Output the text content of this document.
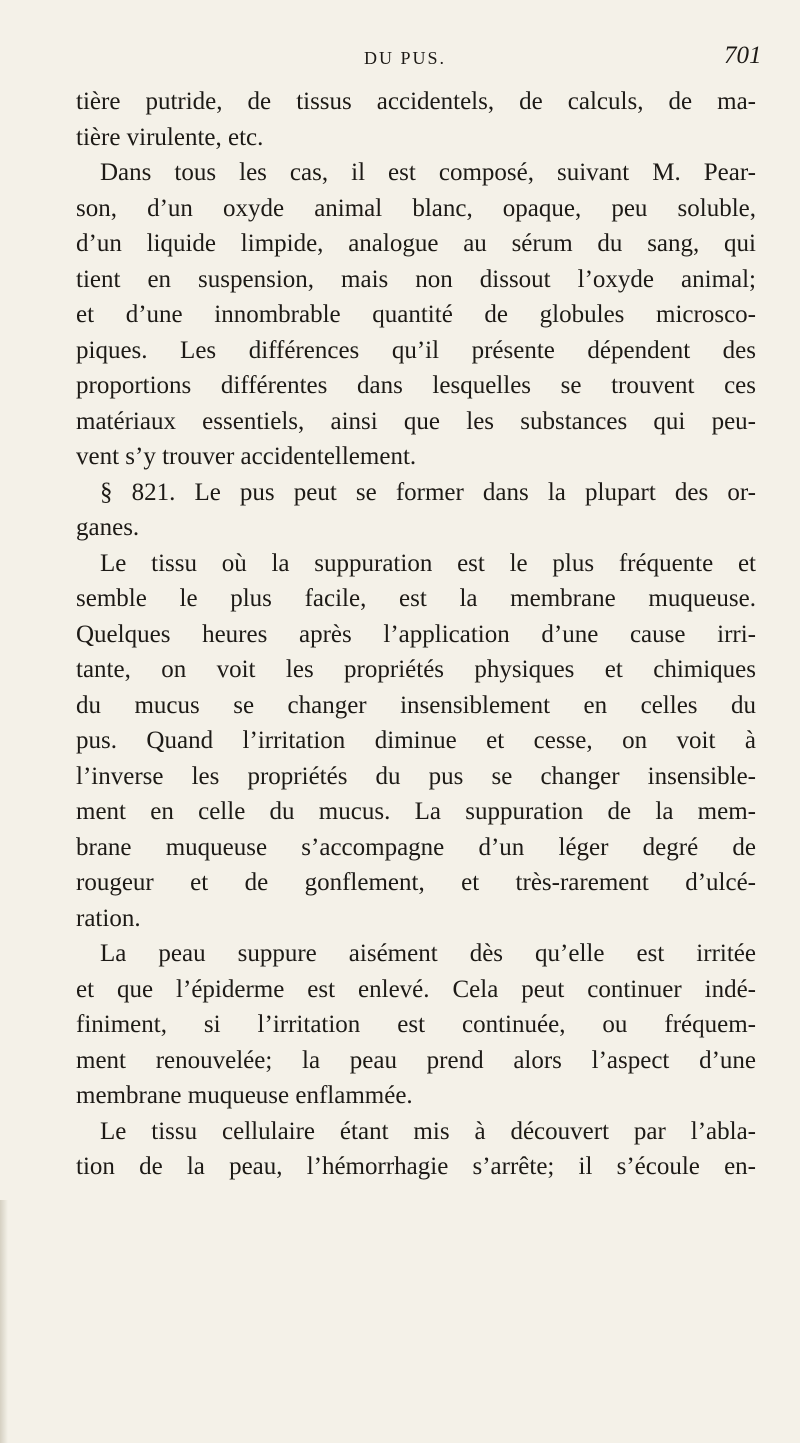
DU PUS.	701
tière putride, de tissus accidentels, de calculs, de ma-
tière virulente, etc.
Dans tous les cas, il est composé, suivant M. Pear-
son, d’un oxyde animal blanc, opaque, peu soluble,
d’un liquide limpide, analogue au sérum du sang, qui
tient en suspension, mais non dissout l’oxyde animal;
et d’une innombrable quantité de globules microsco-
piques. Les différences qu’il présente dépendent des
proportions différentes dans lesquelles se trouvent ces
matériaux essentiels, ainsi que les substances qui peu-
vent s’y trouver accidentellement.
§ 821. Le pus peut se former dans la plupart des or-
ganes.
Le tissu où la suppuration est le plus fréquente et
semble le plus facile, est la membrane muqueuse.
Quelques heures après l’application d’une cause irri-
tante, on voit les propriétés physiques et chimiques
du mucus se changer insensiblement en celles du
pus. Quand l’irritation diminue et cesse, on voit à
l’inverse les propriétés du pus se changer insensible-
ment en celle du mucus. La suppuration de la mem-
brane muqueuse s’accompagne d’un léger degré de
rougeur et de gonflement, et très-rarement d’ulcé-
ration.
La peau suppure aisément dès qu’elle est irritée
et que l’épiderme est enlevé. Cela peut continuer indé-
finiment, si l’irritation est continuée, ou fréquem-
ment renouvelée; la peau prend alors l’aspect d’une
membrane muqueuse enflammée.
Le tissu cellulaire étant mis à découvert par l’abla-
tion de la peau, l’hémorrhagie s’arrête; il s’écoule en-
